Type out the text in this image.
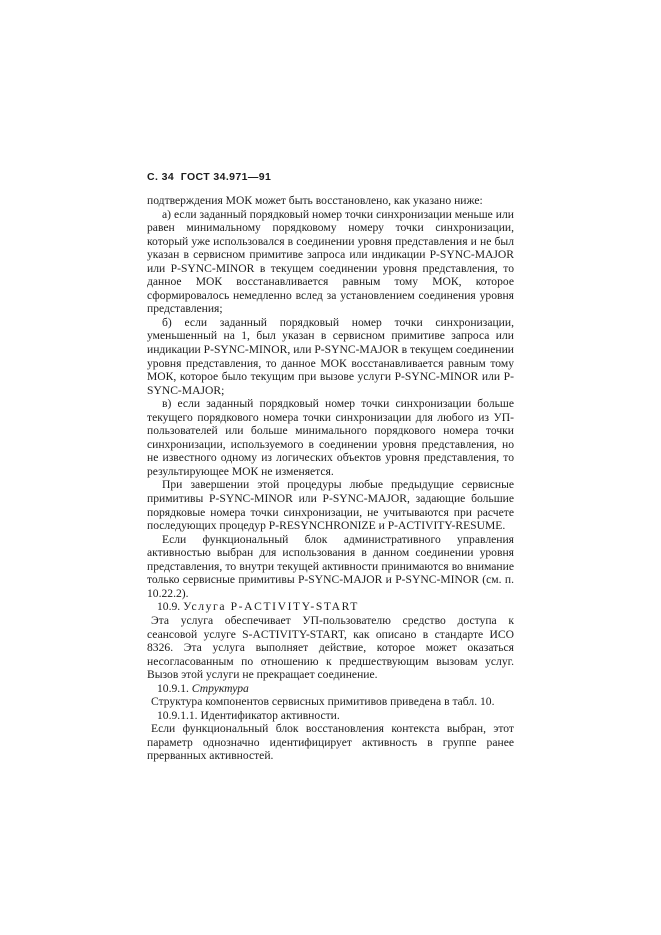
С. 34 ГОСТ 34.971—91

подтверждения МОК может быть восстановлено, как указано ниже:

а) если заданный порядковый номер точки синхронизации меньше или равен минимальному порядковому номеру точки синхронизации, который уже использовался в соединении уровня представления и не был указан в сервисном примитиве запроса или индикации P-SYNC-MAJOR или P-SYNC-MINOR в текущем соединении уровня представления, то данное МОК восстанавливается равным тому МОК, которое сформировалось немедленно вслед за установлением соединения уровня представления;

б) если заданный порядковый номер точки синхронизации, уменьшенный на 1, был указан в сервисном примитиве запроса или индикации P-SYNC-MINOR, или P-SYNC-MAJOR в текущем соединении уровня представления, то данное МОК восстанавливается равным тому МОК, которое было текущим при вызове услуги P-SYNC-MINOR или P-SYNC-MAJOR;

в) если заданный порядковый номер точки синхронизации больше текущего порядкового номера точки синхронизации для любого из УП-пользователей или больше минимального порядкового номера точки синхронизации, используемого в соединении уровня представления, но не известного одному из логических объектов уровня представления, то результирующее МОК не изменяется.

При завершении этой процедуры любые предыдущие сервисные примитивы P-SYNC-MINOR или P-SYNC-MAJOR, задающие большие порядковые номера точки синхронизации, не учитываются при расчете последующих процедур P-RESYNCHRONIZE и P-ACTIVITY-RESUME.

Если функциональный блок административного управления активностью выбран для использования в данном соединении уровня представления, то внутри текущей активности принимаются во внимание только сервисные примитивы P-SYNC-MAJOR и P-SYNC-MINOR (см. п. 10.22.2).

10.9. Услуга P-ACTIVITY-START

Эта услуга обеспечивает УП-пользователю средство доступа к сеансовой услуге S-ACTIVITY-START, как описано в стандарте ИСО 8326. Эта услуга выполняет действие, которое может оказаться несогласованным по отношению к предшествующим вызовам услуг. Вызов этой услуги не прекращает соединение.

10.9.1. Структура

Структура компонентов сервисных примитивов приведена в табл. 10.

10.9.1.1. Идентификатор активности.

Если функциональный блок восстановления контекста выбран, этот параметр однозначно идентифицирует активность в группе ранее прерванных активностей.
